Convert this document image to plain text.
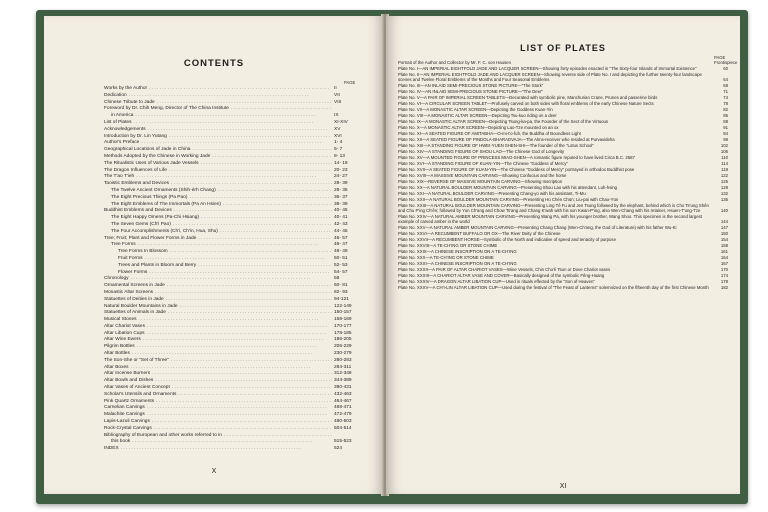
CONTENTS
PAGE
Works by the Author . . .	II
Dedication . . .	VII
Chinese Tribute to Jade . . .	VIII
Foreword by Dr. Chih Meng, Director of The China Institute
. . .
in America . . .	IX
List of Plates . . .	XI-XIV
Acknowledgements . . .	XV
Introduction by Dr. Lin Yutang . . .	XVI
Author's Preface . . .	1- 4
Geographical Locations of Jade in China . . .	5- 7
Methods Adopted by the Chinese in Working Jade . . .	8- 13
The Ritualistic Uses of Various Jade Vessels . . .	14- 19
The Dragon Influences of Life . . .	20- 23
The T'ao T'ieh . . .	24- 27
Taoistic Emblems and Devices . . .	28- 39
The Twelve Ancient Ornaments (Shih-érh Chang) . . .	28- 35
The Eight Precious Things (Pa Pao) . . .	36- 37
The Eight Emblems of The Immortals (Pa An Hsien) . . .	38- 39
Buddhist Emblems and Devices . . .	40- 45
The Eight Happy Omens (Pa-Chi Hsiang) . . .	40- 41
The Seven Gems (Ch'i Pao) . . .	42- 43
The Four Accomplishments (Ch'i, Ch'in, Hua, Shu) . . .	44- 45
Tree; Fruit; Plant and Flower Forms in Jade . . .	46- 57
Tree Forms . . .	46- 47
Tree Forms In Blossom . . .	48- 49
Fruit Forms . . .	50- 51
Trees and Plants in Bloom and Berry . . .	52- 53
Flower Forms . . .	54- 57
Chronology . . .	58
Ornamental Screens in Jade . . .	60- 81
Monastic Altar Screens . . .	82- 93
Statuettes of Deities in Jade . . .	94-121
Natural Boulder Mountains in Jade . . .	122-149
Statuettes of Animals in Jade . . .	150-157
Musical Stones . . .	158-169
Altar Chariot Vases . . .	170-177
Altar Libation Cups . . .	178-185
Altar Wine Ewers . . .	186-205
Pilgrim Bottles . . .	206-229
Altar Bottles . . .	230-279
The Son-She or "Set of Three" . . .	280-283
Altar Boxes . . .	284-311
Altar Incense Burners . . .	312-348
Altar Bowls and Dishes . . .	344-389
Altar Vases of Ancient Concept . . .	390-431
Scholar's Utensils and Ornaments . . .	432-463
Pink Quartz Ornaments . . .	464-467
Carnelian Carvings . . .	468-471
Malachite Carvings . . .	472-479
Lapis-Lazuli Carvings . . .	480-503
Rock-Crystal Carvings . . .	504-514
Bibliography of European and other works referred to in
. . .
this book . . .	515-523
INDEX . . .	524
X
LIST OF PLATES
PAGE
Portrait of the Author and Collector by Mr. F. C. von Hausen	Frontispiece
Plate No. I—AN IMPERIAL EIGHTFOLD JADE AND LACQUER SCREEN—Showing forty episodes enacted in "The Sixty-four Islands of Immortal Existence"	60
Plate No. II—AN IMPERIAL EIGHTFOLD JADE AND LACQUER SCREEN—Showing reverse side of Plate No. I and depicting the further twenty-four landscape scenes and Twelve Floral Emblems of the Months and Four Seasonal Emblems	64
Plate No. III—AN INLAID SEMI-PRECIOUS STONE PICTURE—"The Stork"	68
Plate No. IV—AN INLAID SEMI-PRECIOUS STONE PICTURE—"The Deer"	71
Plate No. V—A PAIR OF IMPERIAL SCREEN TABLETS—Decorated with symbolic pine, Manchurian Crane, Prunes and passerine birds	74
Plate No. VI—A CIRCULAR SCREEN TABLET—Profusely carved on both sides with floral emblems of the early Chinese Nature Sects	78
Plate No. VII—A MONASTIC ALTAR SCREEN—Depicting the Goddess Kuan-Yin	82
Plate No. VIII—A MONASTIC ALTAR SCREEN—Depicting Tsu-kuo riding on a deer	85
Plate No. IX—A MONASTIC ALTAR SCREEN—Depicting Tsung-ka-pa, the Founder of the Sect of the Virtuous	88
Plate No. X—A MONASTIC ALTAR SCREEN—Depicting Lao-Tze mounted on an ox	91
Plate No. XI—A SEATED FIGURE OF AMITABHA—O-mi-t'o-fuh, the Buddha of Boundless Light	94
Plate No. XII—A SEATED FIGURE OF PINDOLA-BHARADVAJA—The Alms-receiver who resided at Purvavideha	98
Plate No. XIII—A STANDING FIGURE OF HWEI-YUEN SHEN-SHI—The founder of the "Lotus School"	102
Plate No. XIV—A STANDING FIGURE OF SHOU LAO—The Chinese God of Longevity	106
Plate No. XV—A MOUNTED FIGURE OF PRINCESS MIAO-SHEN—A romantic figure reputed to have lived Circa B.C. 2587	110
Plate No. XVI—A STANDING FIGURE OF KUAN-YIN—The Chinese "Goddess of Mercy"	114
Plate No. XVII—A SEATED FIGURE OF KUAN-YIN—The Chinese "Goddess of Mercy" portrayed in orthodox Buddhist pose	118
Plate No. XVIII—A MASSIVE MOUNTAIN CARVING—Showing Confucius and the horse	122
Plate No. XIX—REVERSE OF MASSIVE MOUNTAIN CARVING—Showing Inscription	125
Plate No. XX—A NATURAL BOULDER MOUNTAIN CARVING—Presenting Shou Lao with his attendant, Luh-hsing	128
Plate No. XXI—A NATURAL BOULDER CARVING—Presenting Chang-yo with his assistant, Ti-Mu	132
Plate No. XXII—A NATURAL BOULDER MOUNTAIN CARVING—Presenting Hü Chén Chün; Liu-pai with Chao-Yün	136
Plate No. XXIII—A NATURAL BOULDER MOUNTAIN CARVING—Presenting Ling Tê Fu and Jen Tsung followed by the elephant, behind which is Cho Ts'ung Shên and Chu P'ing Ch'ên; followed by Yun Ch'ang and Chow Ts'ang and Chang K'wah with his son Kwan-P'ing, also Wen-Chang with his retainer, Hsuen-T'ung-Tze	140
Plate No. XXIV—A NATURAL AMBER MOUNTAIN CARVING—Presenting Wang Pa, with his younger brother, Wang Shoo. This specimen is the second largest example of carved amber in the world	144
Plate No. XXV—A NATURAL AMBER MOUNTAIN CARVING—Presenting Chang Chang (Wen-Ch'ang, the God of Literature) with his father Wu-Ki	147
Plate No. XXVI—A RECUMBENT BUFFALO OR OX—The River Deity of the Chinese	150
Plate No. XXVII—A RECUMBENT HORSE—Symbolic of the North and indicative of speed and tenacity of purpose	154
Plate No. XXVIII—A TE-CH'ING OR STONE CHIME	158
Plate No. XXIX—A CHINESE INSCRIPTION ON A TE-CH'ING	161
Plate No. XXX—A TE-CH'ING OR STONE CHIME	164
Plate No. XXXI—A CHINESE INSCRIPTION ON A TE-CH'ING	167
Plate No. XXXII—A PAIR OF ALTAR CHARIOT VASES—Wine Vessels, Chin Cho'ê Tsun or Dove Chariot vases	170
Plate No. XXXIII—A CHARIOT ALTAR VASE AND COVER—Basically designed of the symbolic Fêng-Huang	174
Plate No. XXXIV—A DRAGON ALTAR LIBATION CUP—Used in rituals effected by the "Son of Heaven"	178
Plate No. XXXV—A CH'I-LIN ALTAR LIBATION CUP—Used during the festival of "The Feast of Lanterns" solemnized on the fifteenth day of the first Chinese Month	182
XI
